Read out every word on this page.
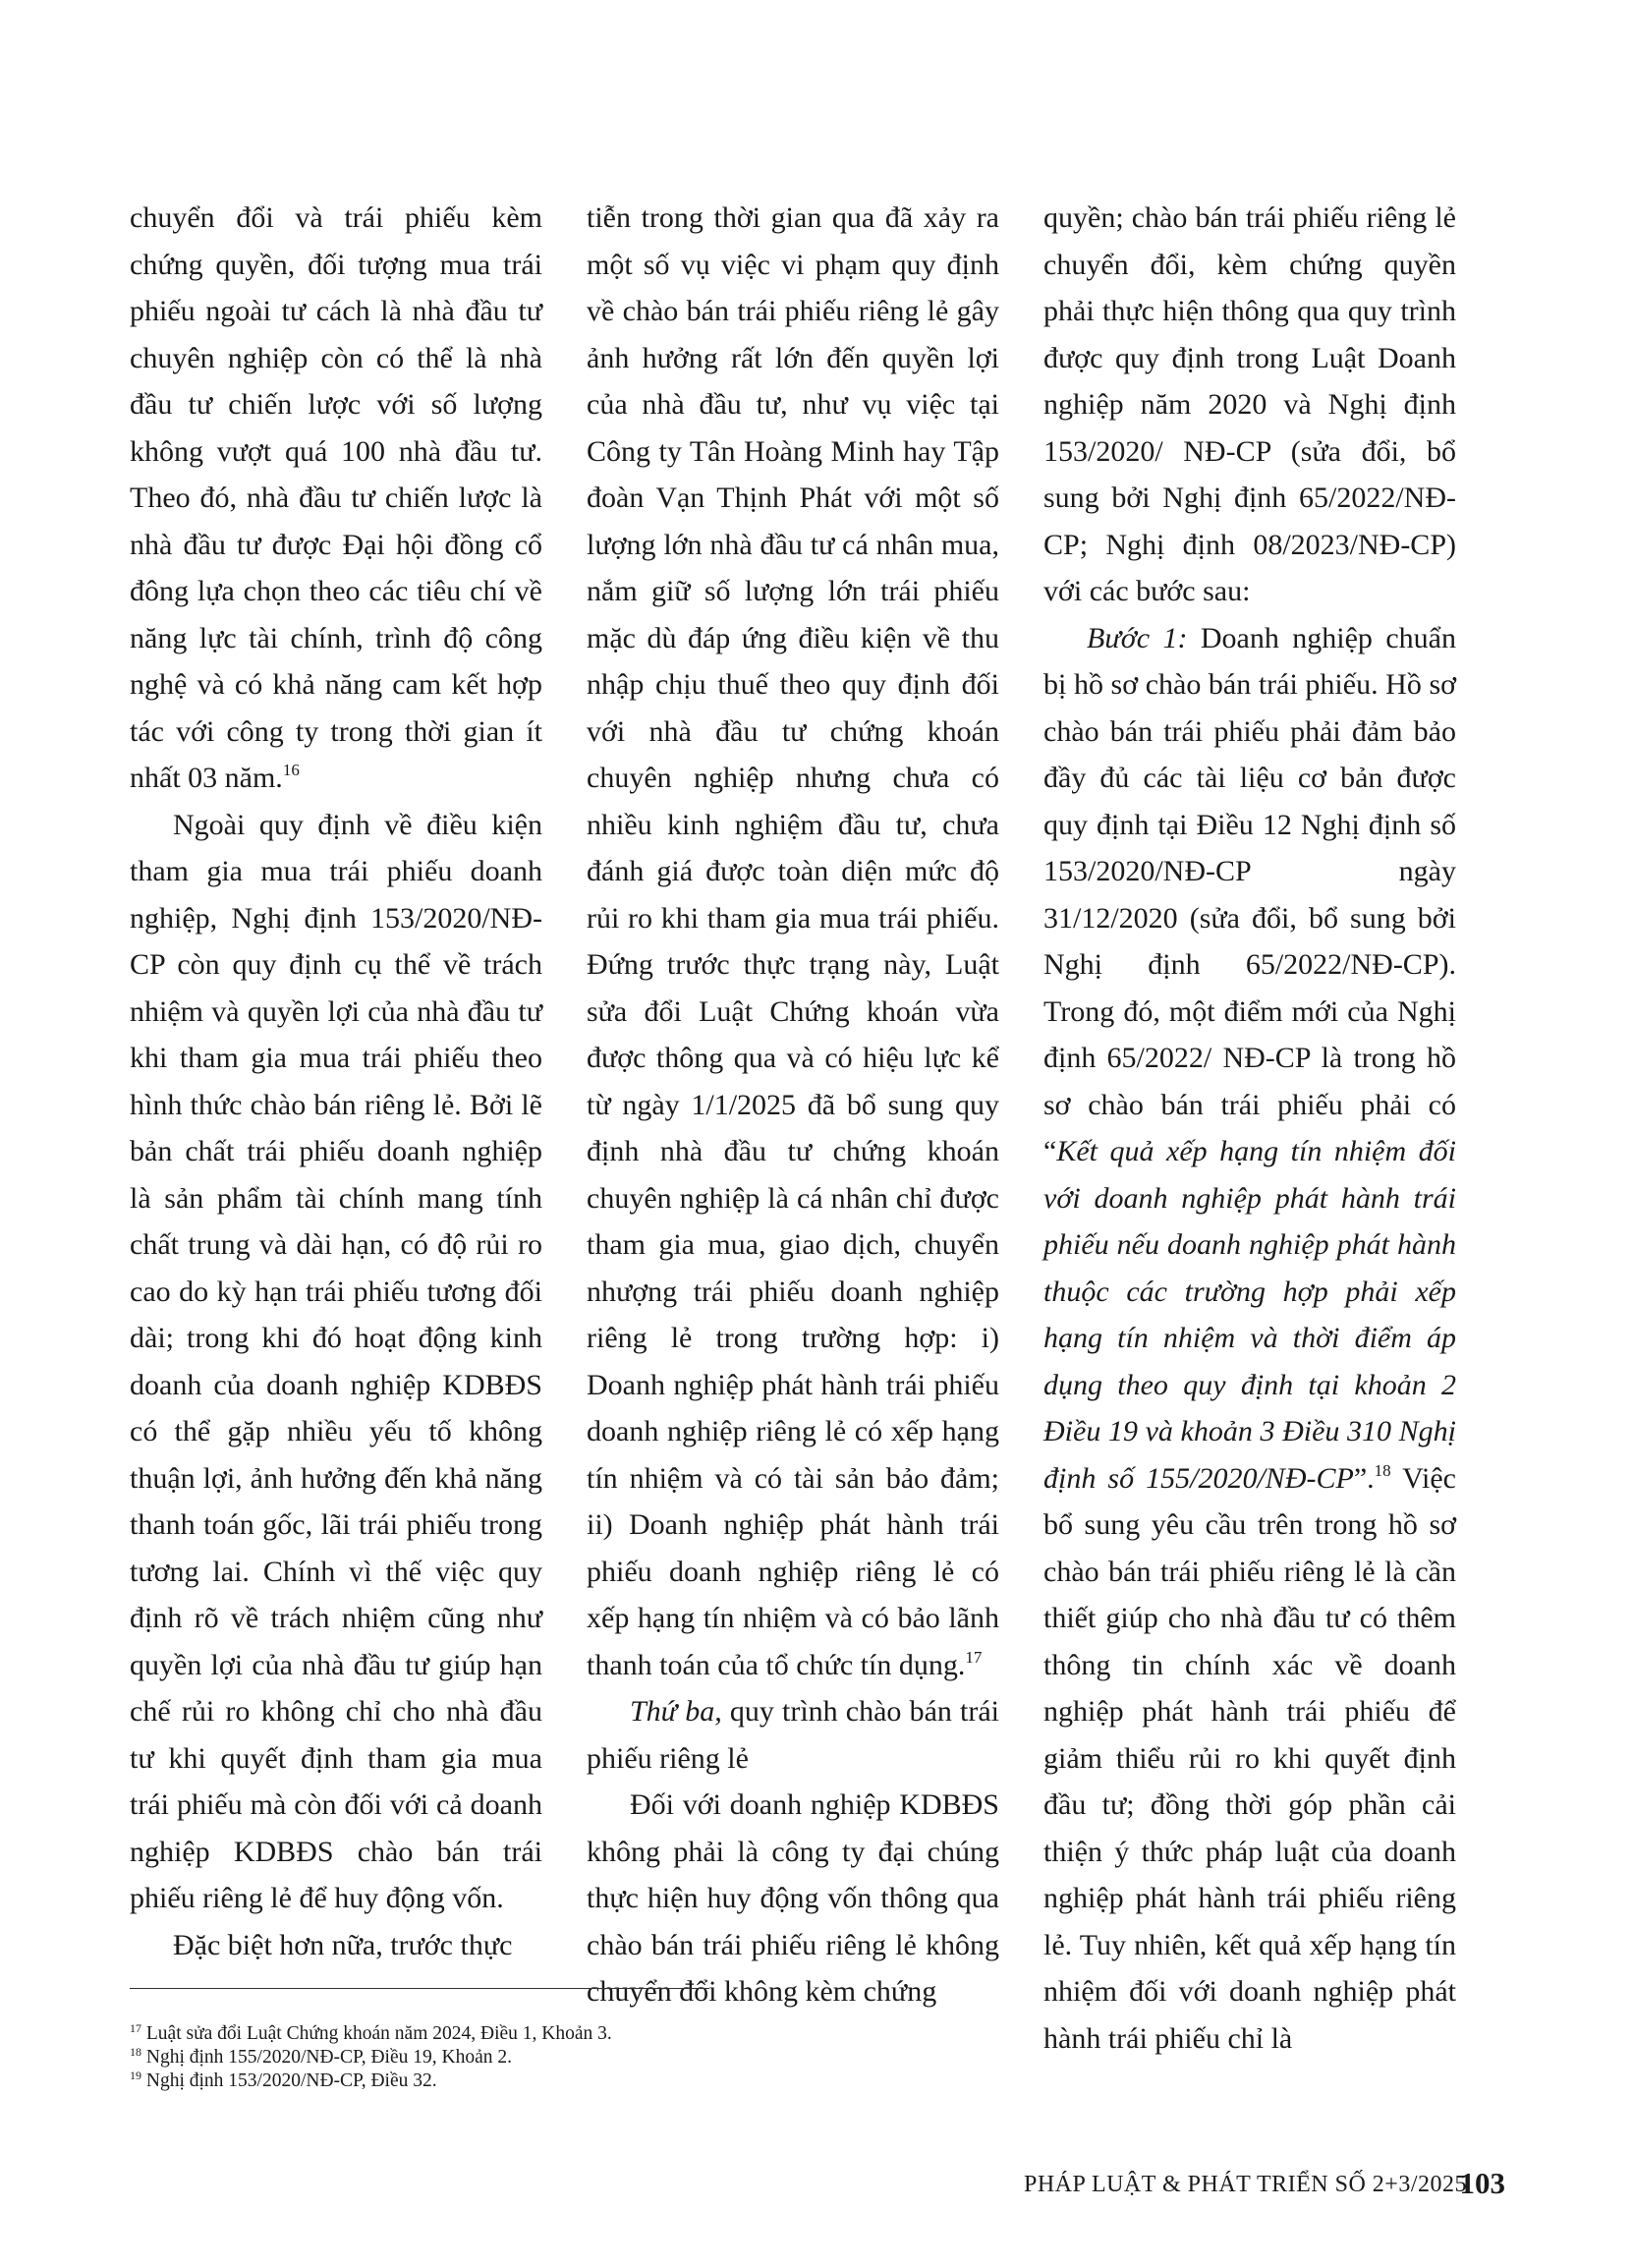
chuyển đổi và trái phiếu kèm chứng quyền, đối tượng mua trái phiếu ngoài tư cách là nhà đầu tư chuyên nghiệp còn có thể là nhà đầu tư chiến lược với số lượng không vượt quá 100 nhà đầu tư. Theo đó, nhà đầu tư chiến lược là nhà đầu tư được Đại hội đồng cổ đông lựa chọn theo các tiêu chí về năng lực tài chính, trình độ công nghệ và có khả năng cam kết hợp tác với công ty trong thời gian ít nhất 03 năm.$^{16}$

Ngoài quy định về điều kiện tham gia mua trái phiếu doanh nghiệp, Nghị định 153/2020/NĐ-CP còn quy định cụ thể về trách nhiệm và quyền lợi của nhà đầu tư khi tham gia mua trái phiếu theo hình thức chào bán riêng lẻ. Bởi lẽ bản chất trái phiếu doanh nghiệp là sản phẩm tài chính mang tính chất trung và dài hạn, có độ rủi ro cao do kỳ hạn trái phiếu tương đối dài; trong khi đó hoạt động kinh doanh của doanh nghiệp KDBĐS có thể gặp nhiều yếu tố không thuận lợi, ảnh hưởng đến khả năng thanh toán gốc, lãi trái phiếu trong tương lai. Chính vì thế việc quy định rõ về trách nhiệm cũng như quyền lợi của nhà đầu tư giúp hạn chế rủi ro không chỉ cho nhà đầu tư khi quyết định tham gia mua trái phiếu mà còn đối với cả doanh nghiệp KDBĐS chào bán trái phiếu riêng lẻ để huy động vốn.

Đặc biệt hơn nữa, trước thực

tiễn trong thời gian qua đã xảy ra một số vụ việc vi phạm quy định về chào bán trái phiếu riêng lẻ gây ảnh hưởng rất lớn đến quyền lợi của nhà đầu tư, như vụ việc tại Công ty Tân Hoàng Minh hay Tập đoàn Vạn Thịnh Phát với một số lượng lớn nhà đầu tư cá nhân mua, nắm giữ số lượng lớn trái phiếu mặc dù đáp ứng điều kiện về thu nhập chịu thuế theo quy định đối với nhà đầu tư chứng khoán chuyên nghiệp nhưng chưa có nhiều kinh nghiệm đầu tư, chưa đánh giá được toàn diện mức độ rủi ro khi tham gia mua trái phiếu. Đứng trước thực trạng này, Luật sửa đổi Luật Chứng khoán vừa được thông qua và có hiệu lực kể từ ngày 1/1/2025 đã bổ sung quy định nhà đầu tư chứng khoán chuyên nghiệp là cá nhân chỉ được tham gia mua, giao dịch, chuyển nhượng trái phiếu doanh nghiệp riêng lẻ trong trường hợp: i) Doanh nghiệp phát hành trái phiếu doanh nghiệp riêng lẻ có xếp hạng tín nhiệm và có tài sản bảo đảm; ii) Doanh nghiệp phát hành trái phiếu doanh nghiệp riêng lẻ có xếp hạng tín nhiệm và có bảo lãnh thanh toán của tổ chức tín dụng.$^{17}$

Thứ ba, quy trình chào bán trái phiếu riêng lẻ

Đối với doanh nghiệp KDBĐS không phải là công ty đại chúng thực hiện huy động vốn thông qua chào bán trái phiếu riêng lẻ không chuyển đổi không kèm chứng

quyền; chào bán trái phiếu riêng lẻ chuyển đổi, kèm chứng quyền phải thực hiện thông qua quy trình được quy định trong Luật Doanh nghiệp năm 2020 và Nghị định 153/2020/ NĐ-CP (sửa đổi, bổ sung bởi Nghị định 65/2022/NĐ-CP; Nghị định 08/2023/NĐ-CP) với các bước sau:

Bước 1: Doanh nghiệp chuẩn bị hồ sơ chào bán trái phiếu. Hồ sơ chào bán trái phiếu phải đảm bảo đầy đủ các tài liệu cơ bản được quy định tại Điều 12 Nghị định số 153/2020/NĐ-CP ngày 31/12/2020 (sửa đổi, bổ sung bởi Nghị định 65/2022/NĐ-CP). Trong đó, một điểm mới của Nghị định 65/2022/ NĐ-CP là trong hồ sơ chào bán trái phiếu phải có “Kết quả xếp hạng tín nhiệm đối với doanh nghiệp phát hành trái phiếu nếu doanh nghiệp phát hành thuộc các trường hợp phải xếp hạng tín nhiệm và thời điểm áp dụng theo quy định tại khoản 2 Điều 19 và khoản 3 Điều 310 Nghị định số 155/2020/NĐ-CP”.$^{18}$ Việc bổ sung yêu cầu trên trong hồ sơ chào bán trái phiếu riêng lẻ là cần thiết giúp cho nhà đầu tư có thêm thông tin chính xác về doanh nghiệp phát hành trái phiếu để giảm thiểu rủi ro khi quyết định đầu tư; đồng thời góp phần cải thiện ý thức pháp luật của doanh nghiệp phát hành trái phiếu riêng lẻ. Tuy nhiên, kết quả xếp hạng tín nhiệm đối với doanh nghiệp phát hành trái phiếu chỉ là

$^{17}$ Luật sửa đổi Luật Chứng khoán năm 2024, Điều 1, Khoản 3.
$^{18}$ Nghị định 155/2020/NĐ-CP, Điều 19, Khoản 2.
$^{19}$ Nghị định 153/2020/NĐ-CP, Điều 32.
PHÁP LUẬT & PHÁT TRIỂN SỐ 2+3/2025
103
